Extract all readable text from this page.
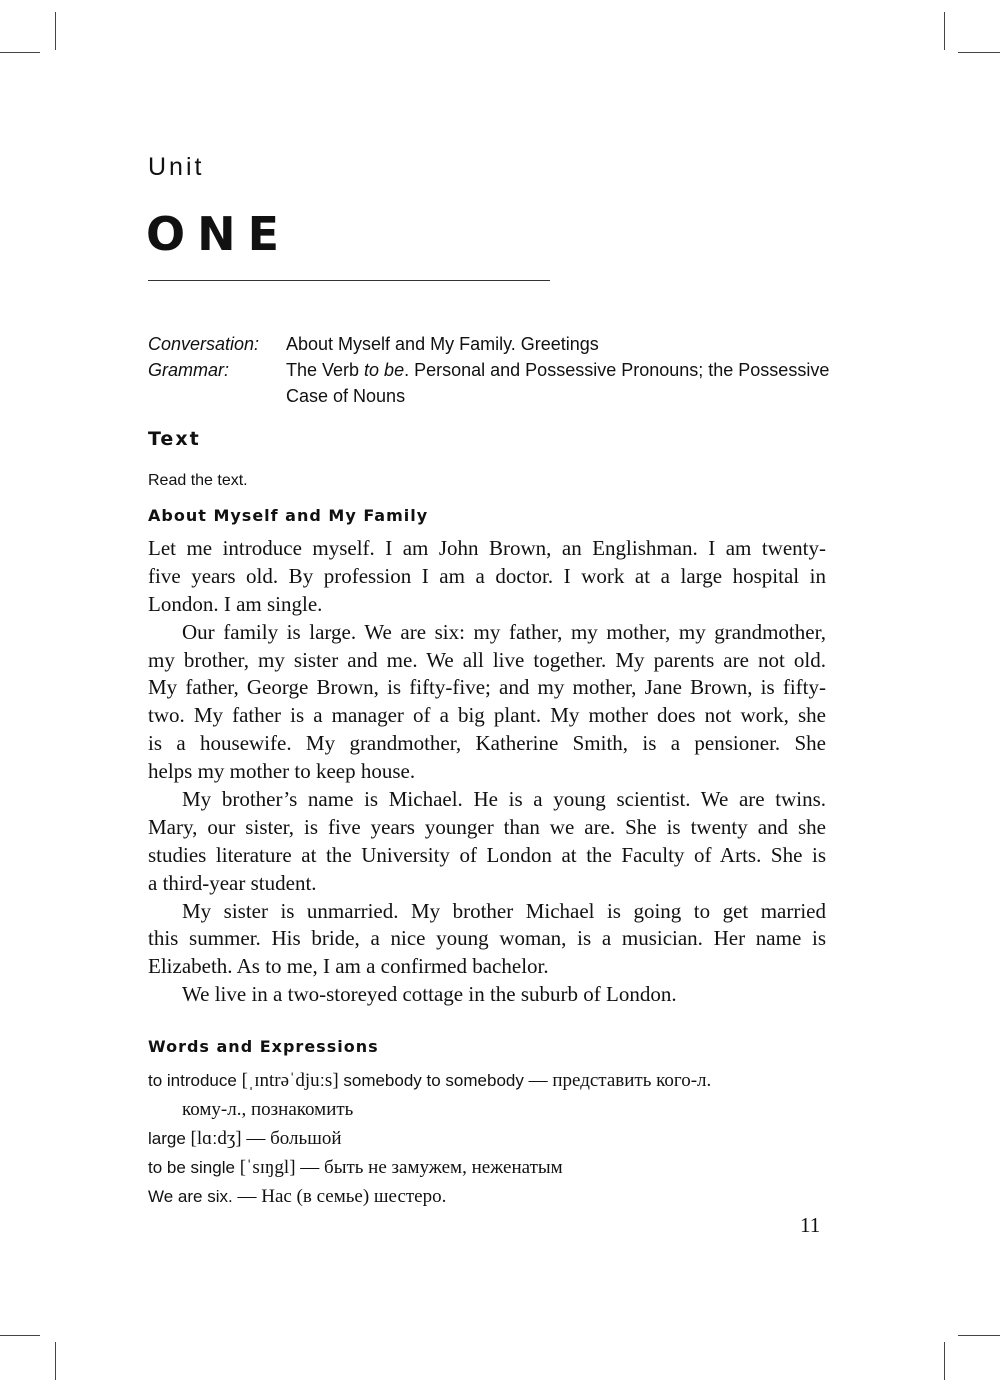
Unit
ONE
Conversation: About Myself and My Family. Greetings
Grammar:	The Verb to be. Personal and Possessive Pronouns; the Possessive
Case of Nouns
Text
Read the text.
About Myself and My Family
Let me introduce myself. I am John Brown, an Englishman. I am twenty-
five years old. By profession I am a doctor. I work at a large hospital in
London. I am single.
Our family is large. We are six: my father, my mother, my grandmother,
my brother, my sister and me. We all live together. My parents are not old.
My father, George Brown, is fifty-five; and my mother, Jane Brown, is fifty-
two. My father is a manager of a big plant. My mother does not work, she
is a housewife. My grandmother, Katherine Smith, is a pensioner. She
helps my mother to keep house.
My brother’s name is Michael. He is a young scientist. We are twins.
Mary, our sister, is five years younger than we are. She is twenty and she
studies literature at the University of London at the Faculty of Arts. She is
a third-year student.
My sister is unmarried. My brother Michael is going to get married
this summer. His bride, a nice young woman, is a musician. Her name is
Elizabeth. As to me, I am a confirmed bachelor.
We live in a two-storeyed cottage in the suburb of London.
Words and Expressions
to introduce [ˌɪntrəˈdjuːs] somebody to somebody — представить кого-л.
кому-л., познакомить
large [lɑːdʒ] — большой
to be single [ˈsɪŋgl] — быть не замужем, неженатым
We are six. — Нас (в семье) шестеро.
11
